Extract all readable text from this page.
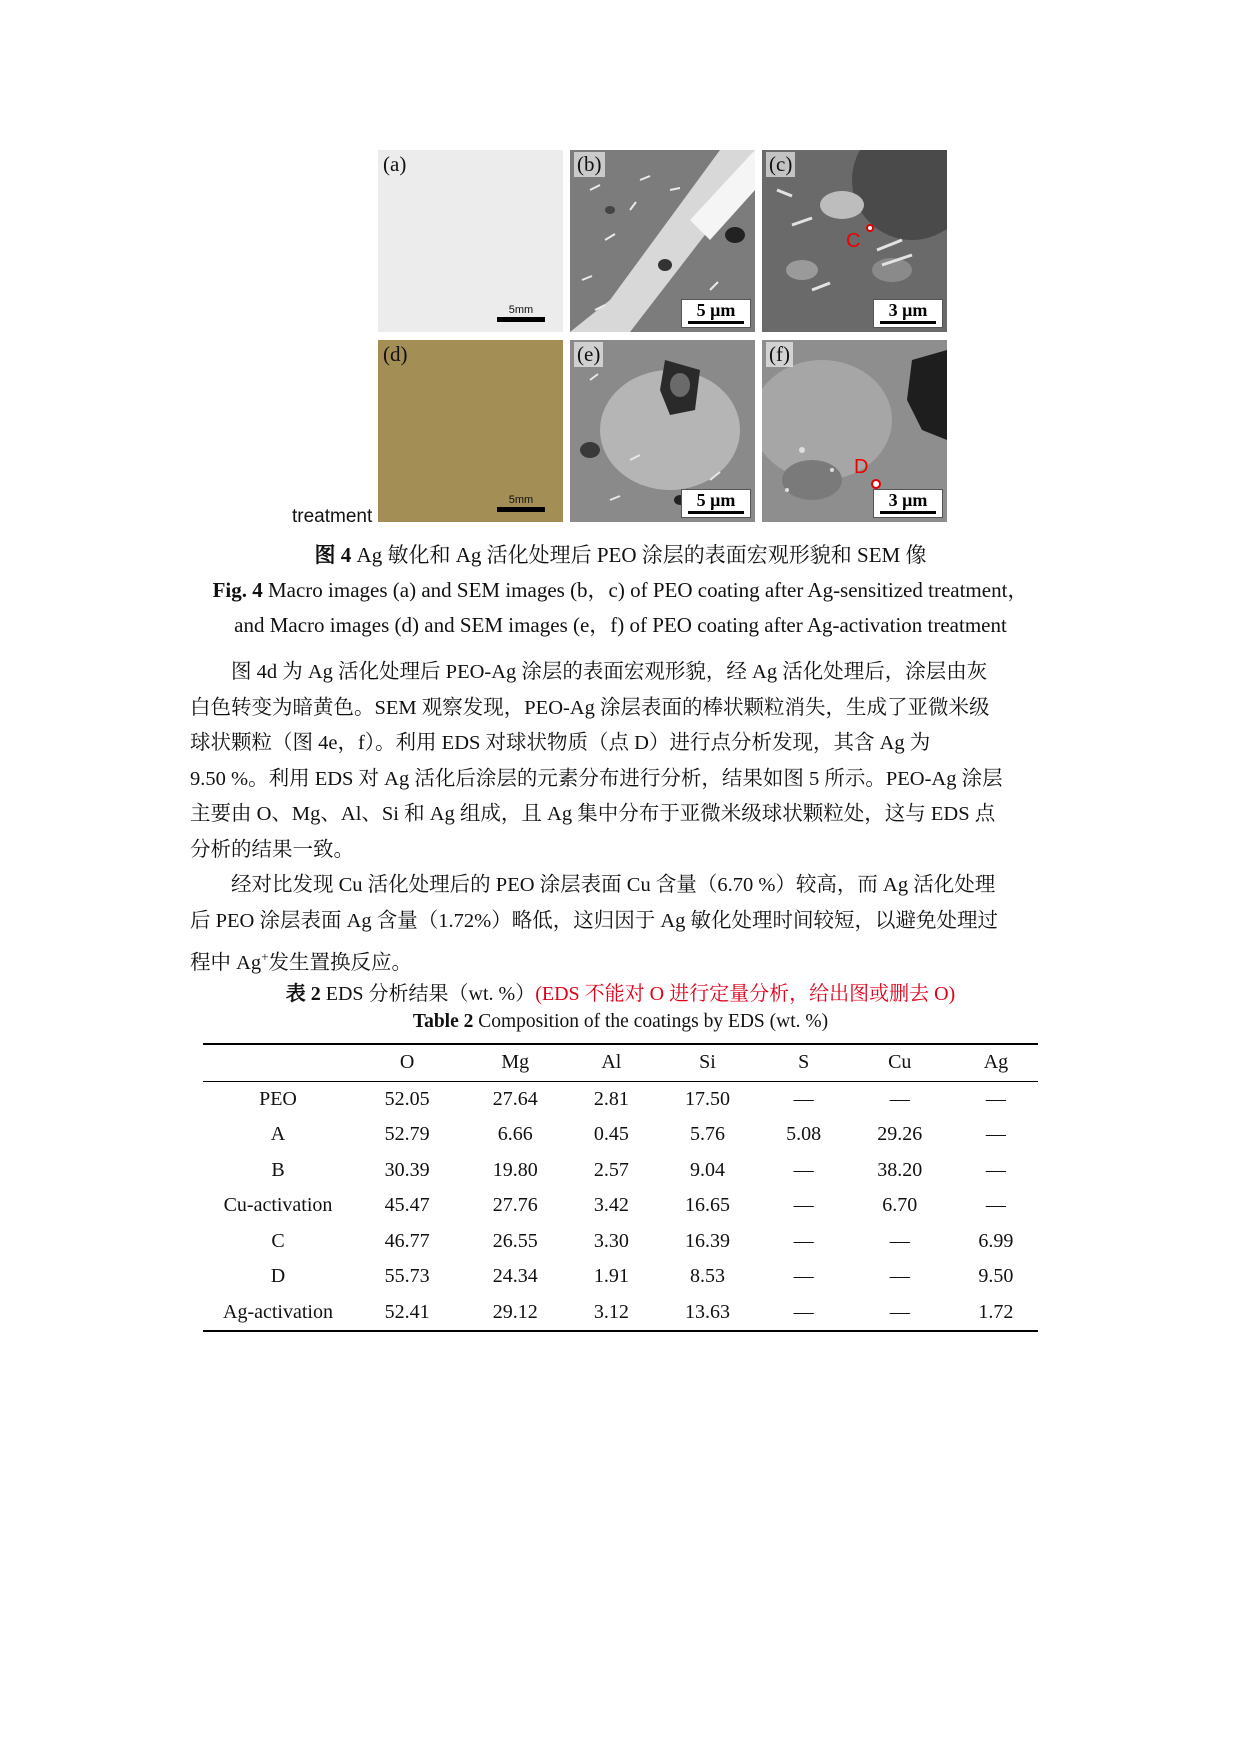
(a)
5mm
(b)
5 μm
(c)
C
3 μm
(d)
5mm
(e)
5 μm
(f)
D
3 μm
treatment
图 4 Ag 敏化和 Ag 活化处理后 PEO 涂层的表面宏观形貌和 SEM 像
Fig. 4 Macro images (a) and SEM images (b，c) of PEO coating after Ag-sensitized treatment，
and Macro images (d) and SEM images (e，f) of PEO coating after Ag-activation treatment
图 4d 为 Ag 活化处理后 PEO-Ag 涂层的表面宏观形貌，经 Ag 活化处理后，涂层由灰
白色转变为暗黄色。SEM 观察发现，PEO-Ag 涂层表面的棒状颗粒消失，生成了亚微米级
球状颗粒（图 4e，f）。利用 EDS 对球状物质（点 D）进行点分析发现，其含 Ag 为
9.50 %。利用 EDS 对 Ag 活化后涂层的元素分布进行分析，结果如图 5 所示。PEO-Ag 涂层
主要由 O、Mg、Al、Si 和 Ag 组成，且 Ag 集中分布于亚微米级球状颗粒处，这与 EDS 点
分析的结果一致。
经对比发现 Cu 活化处理后的 PEO 涂层表面 Cu 含量（6.70 %）较高，而 Ag 活化处理
后 PEO 涂层表面 Ag 含量（1.72%）略低，这归因于 Ag 敏化处理时间较短，以避免处理过
程中 Ag+发生置换反应。
表 2 EDS 分析结果（wt. %）(EDS 不能对 O 进行定量分析，给出图或删去 O)
Table 2 Composition of the coatings by EDS (wt. %)
	O	Mg	Al	Si	S	Cu	Ag
PEO	52.05	27.64	2.81	17.50	—	—	—
A	52.79	6.66	0.45	5.76	5.08	29.26	—
B	30.39	19.80	2.57	9.04	—	38.20	—
Cu-activation	45.47	27.76	3.42	16.65	—	6.70	—
C	46.77	26.55	3.30	16.39	—	—	6.99
D	55.73	24.34	1.91	8.53	—	—	9.50
Ag-activation	52.41	29.12	3.12	13.63	—	—	1.72
